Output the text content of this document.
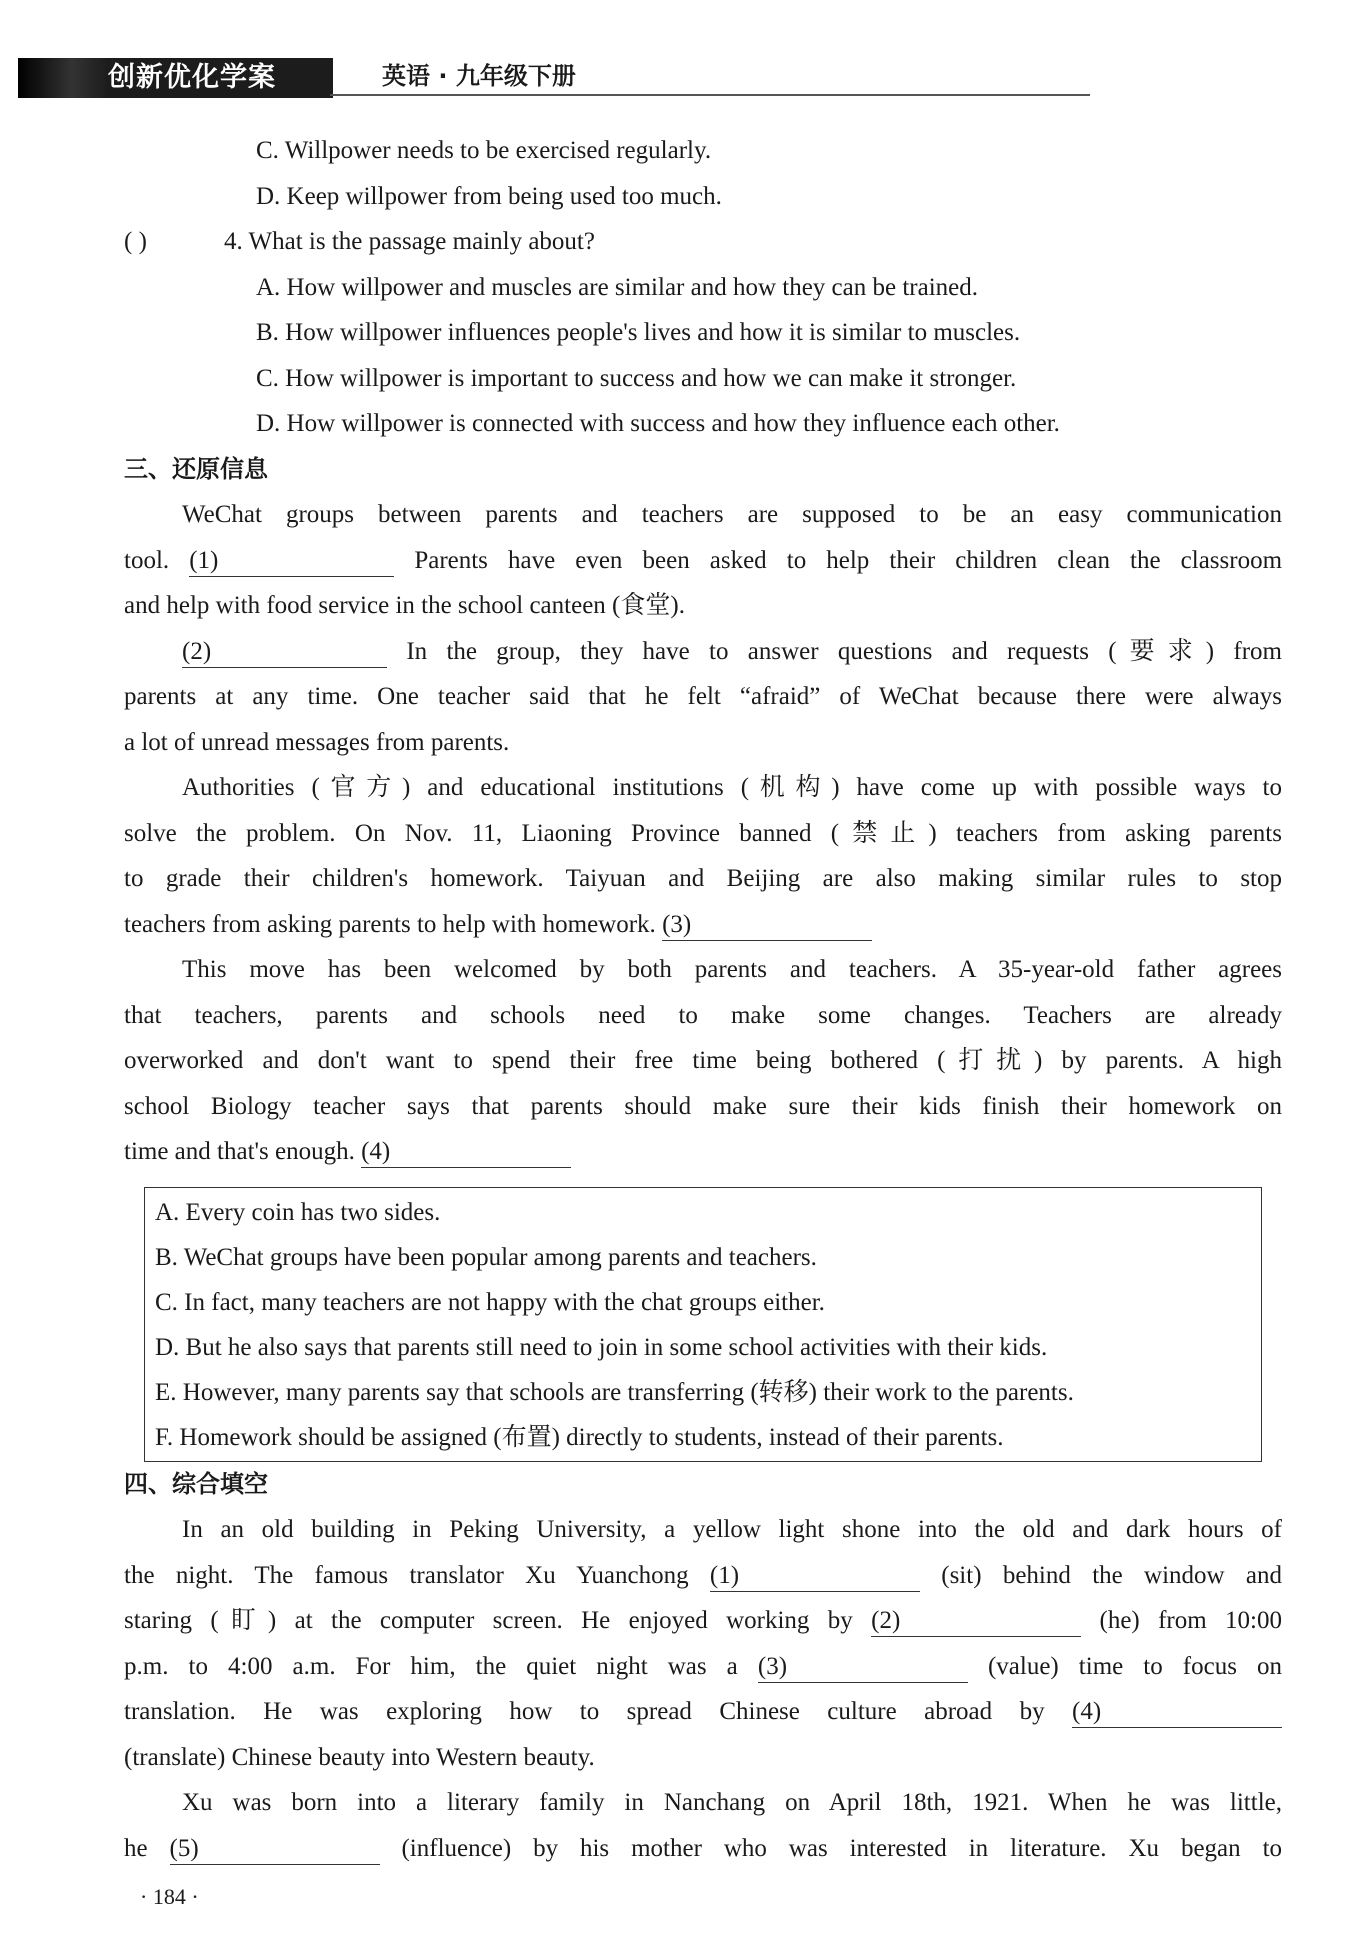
创新优化学案	英语 · 九年级下册
C. Willpower needs to be exercised regularly.
D. Keep willpower from being used too much.
( )	4. What is the passage mainly about?
A. How willpower and muscles are similar and how they can be trained.
B. How willpower influences people's lives and how it is similar to muscles.
C. How willpower is important to success and how we can make it stronger.
D. How willpower is connected with success and how they influence each other.
三、还原信息
WeChat groups between parents and teachers are supposed to be an easy communication
tool. (1)	Parents have even been asked to help their children clean the classroom
and help with food service in the school canteen (食堂).
(2)	In the group, they have to answer questions and requests (要求) from
parents at any time. One teacher said that he felt “afraid” of WeChat because there were always
a lot of unread messages from parents.
Authorities (官方) and educational institutions (机构) have come up with possible ways to
solve the problem. On Nov. 11, Liaoning Province banned (禁止) teachers from asking parents
to grade their children's homework. Taiyuan and Beijing are also making similar rules to stop
teachers from asking parents to help with homework. (3)
This move has been welcomed by both parents and teachers. A 35-year-old father agrees
that teachers, parents and schools need to make some changes. Teachers are already
overworked and don't want to spend their free time being bothered (打扰) by parents. A high
school Biology teacher says that parents should make sure their kids finish their homework on
time and that's enough. (4)
A. Every coin has two sides.
B. WeChat groups have been popular among parents and teachers.
C. In fact, many teachers are not happy with the chat groups either.
D. But he also says that parents still need to join in some school activities with their kids.
E. However, many parents say that schools are transferring (转移) their work to the parents.
F. Homework should be assigned (布置) directly to students, instead of their parents.
四、综合填空
In an old building in Peking University, a yellow light shone into the old and dark hours of
the night. The famous translator Xu Yuanchong (1)	(sit) behind the window and
staring (盯) at the computer screen. He enjoyed working by (2)	(he) from 10:00
p.m. to 4:00 a.m. For him, the quiet night was a (3)	(value) time to focus on
translation. He was exploring how to spread Chinese culture abroad by (4)
(translate) Chinese beauty into Western beauty.
Xu was born into a literary family in Nanchang on April 18th, 1921. When he was little,
he (5)	(influence) by his mother who was interested in literature. Xu began to
· 184 ·
